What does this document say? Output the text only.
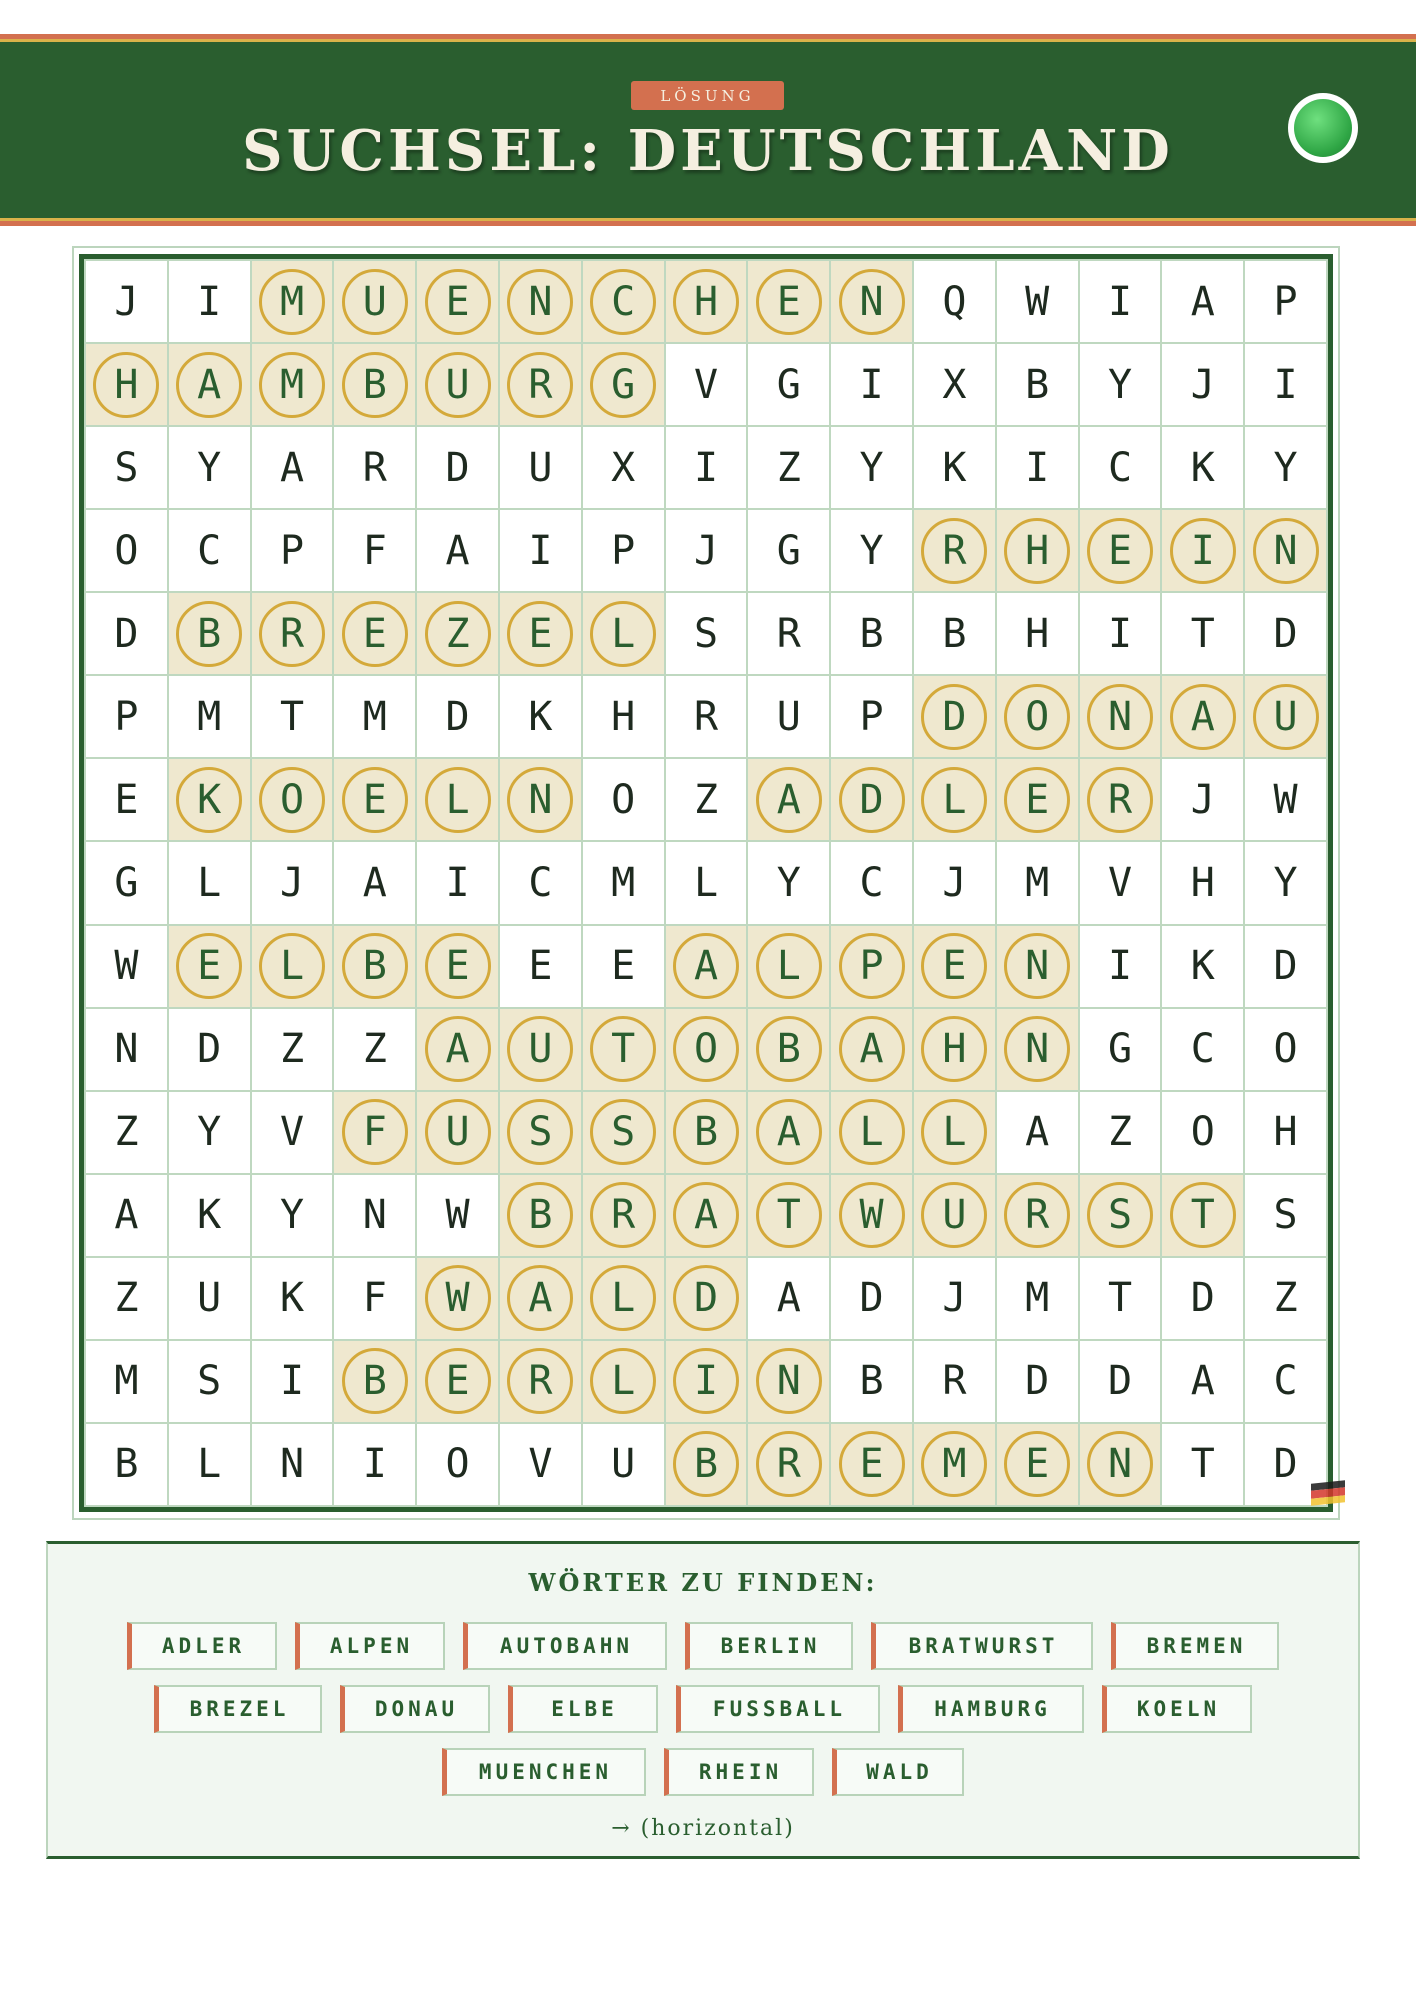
LÖSUNG
SUCHSEL: DEUTSCHLAND
J	I	M	U	E	N	C	H	E	N	Q	W	I	A	P
H	A	M	B	U	R	G	V	G	I	X	B	Y	J	I
S	Y	A	R	D	U	X	I	Z	Y	K	I	C	K	Y
O	C	P	F	A	I	P	J	G	Y	R	H	E	I	N
D	B	R	E	Z	E	L	S	R	B	B	H	I	T	D
P	M	T	M	D	K	H	R	U	P	D	O	N	A	U
E	K	O	E	L	N	O	Z	A	D	L	E	R	J	W
G	L	J	A	I	C	M	L	Y	C	J	M	V	H	Y
W	E	L	B	E	E	E	A	L	P	E	N	I	K	D
N	D	Z	Z	A	U	T	O	B	A	H	N	G	C	O
Z	Y	V	F	U	S	S	B	A	L	L	A	Z	O	H
A	K	Y	N	W	B	R	A	T	W	U	R	S	T	S
Z	U	K	F	W	A	L	D	A	D	J	M	T	D	Z
M	S	I	B	E	R	L	I	N	B	R	D	D	A	C
B	L	N	I	O	V	U	B	R	E	M	E	N	T	D
WÖRTER ZU FINDEN:
ADLER	ALPEN	AUTOBAHN	BERLIN	BRATWURST	BREMEN
BREZEL	DONAU	ELBE	FUSSBALL	HAMBURG	KOELN
MUENCHEN	RHEIN	WALD
→ (horizontal)
